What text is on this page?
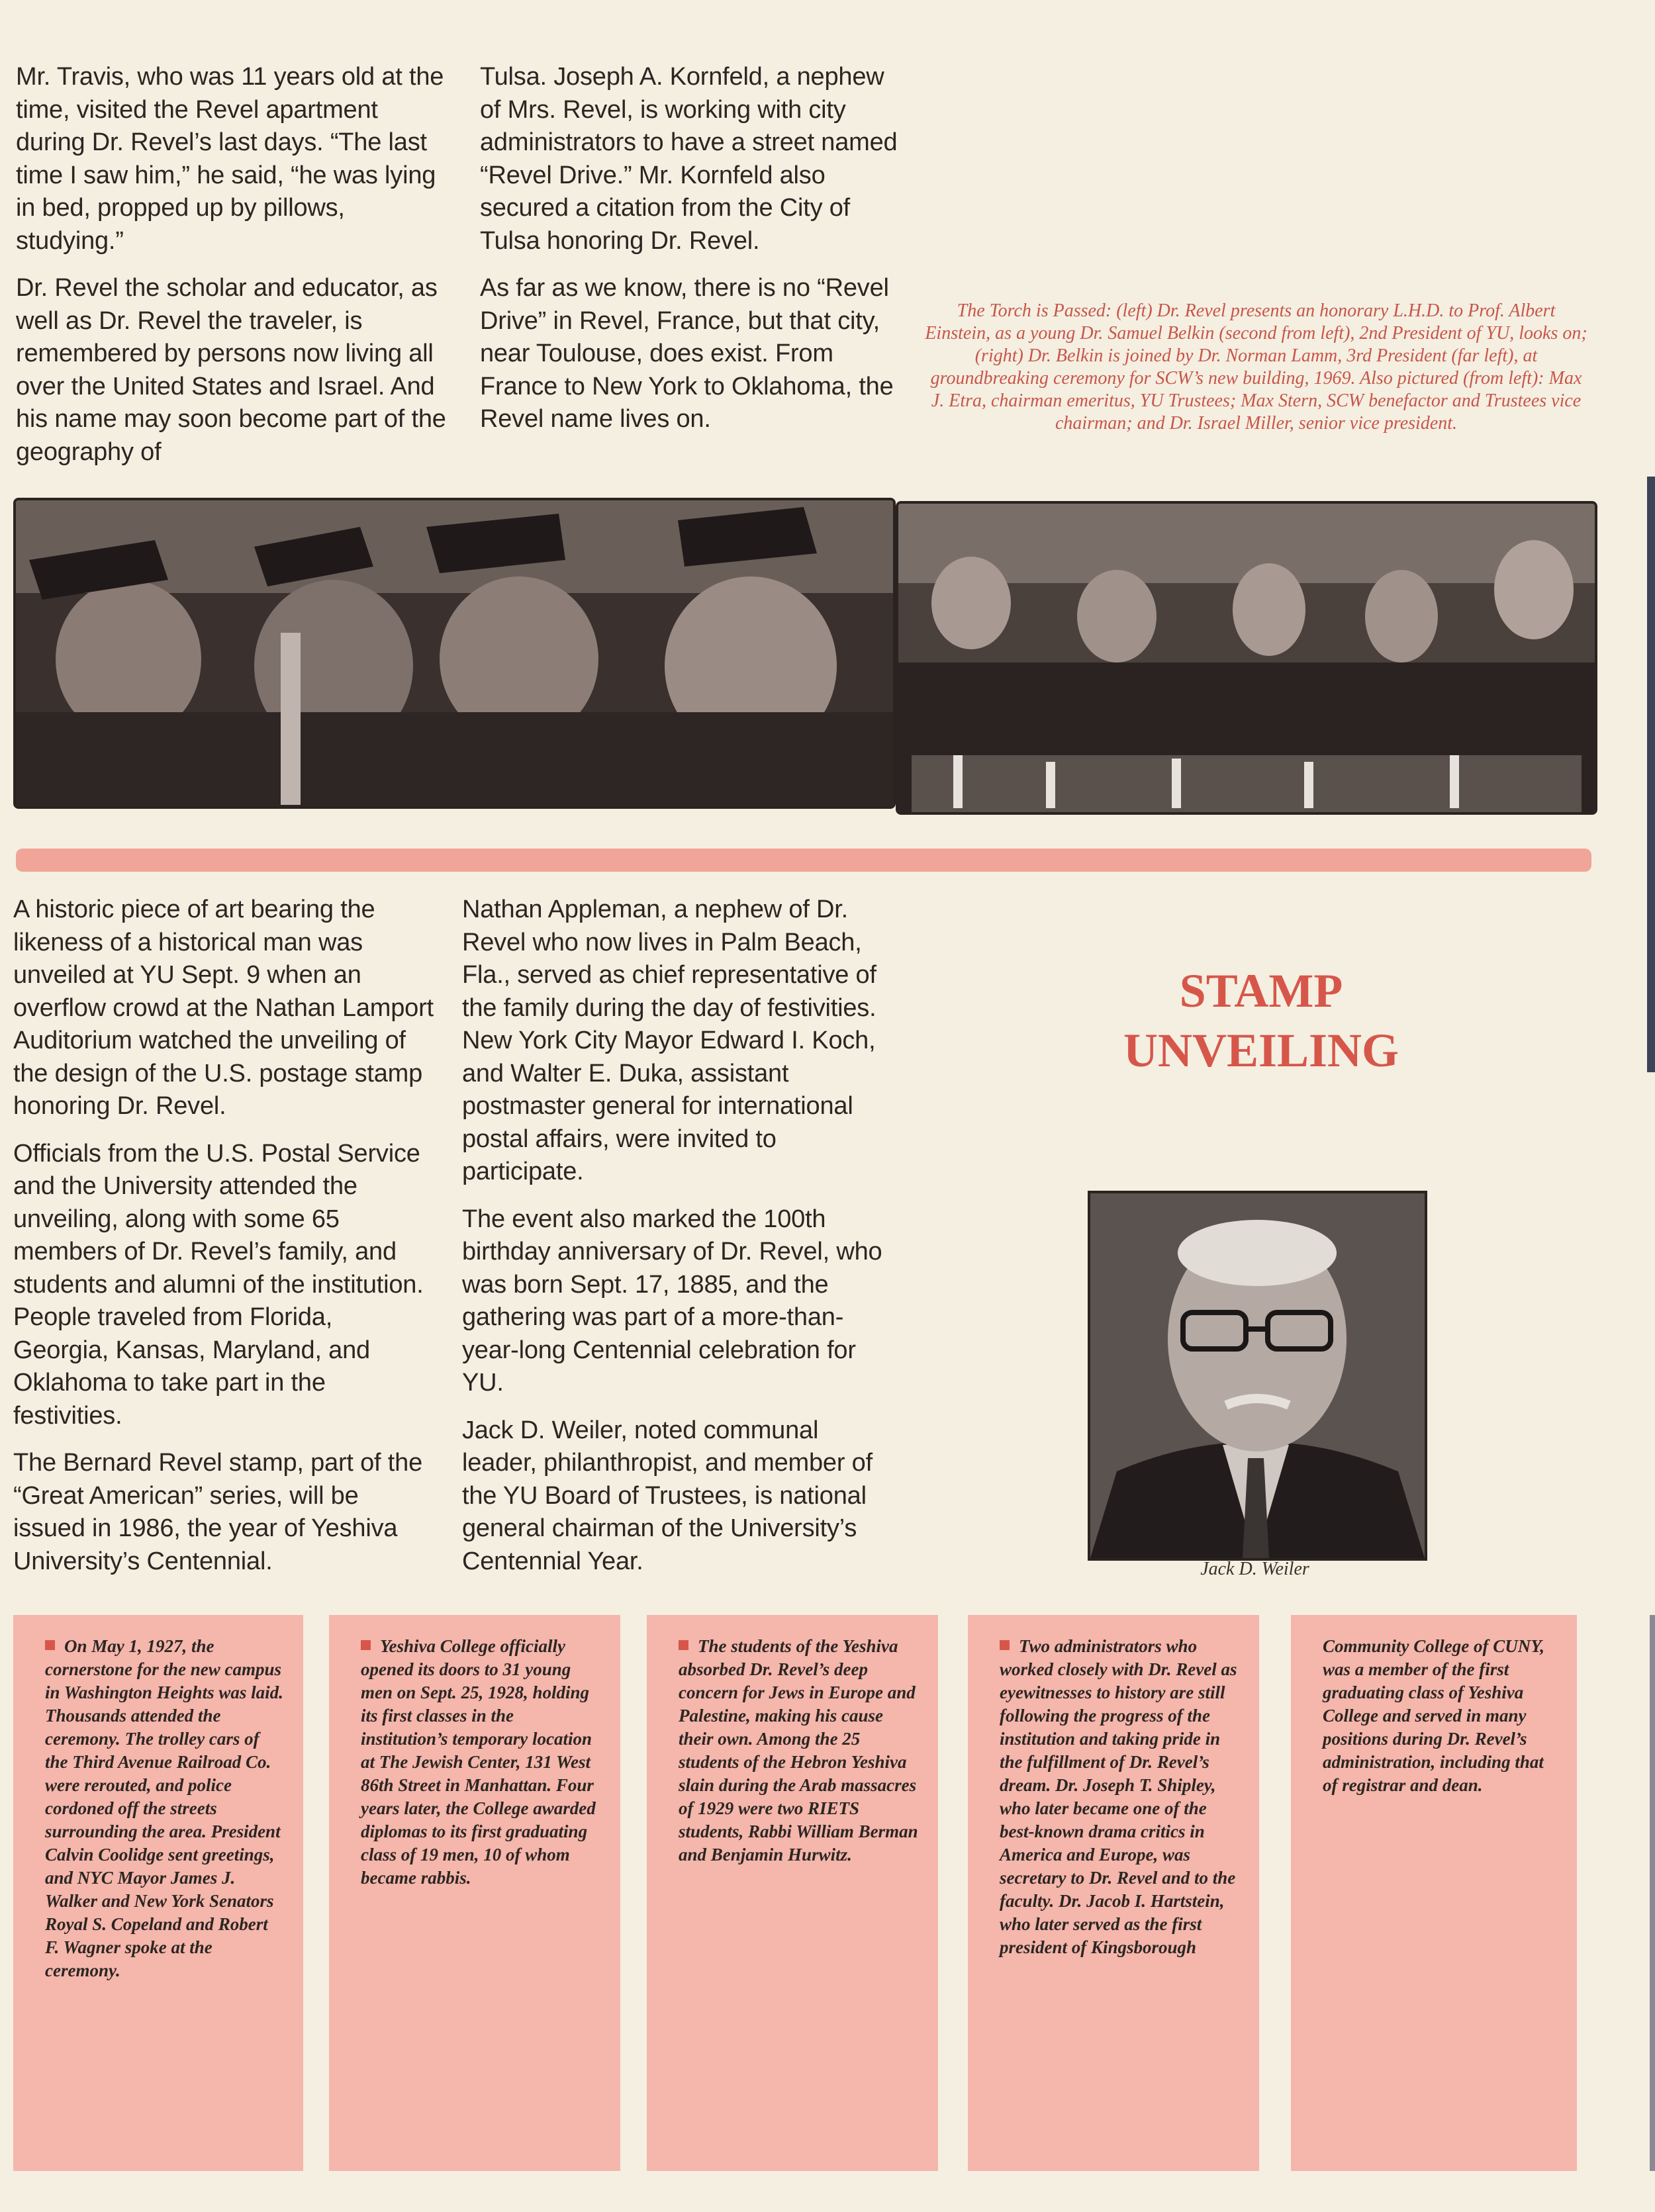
Mr. Travis, who was 11 years old at the time, visited the Revel apartment during Dr. Revel’s last days. “The last time I saw him,” he said, “he was lying in bed, propped up by pillows, studying.”

Dr. Revel the scholar and educator, as well as Dr. Revel the traveler, is remembered by persons now living all over the United States and Israel. And his name may soon become part of the geography of

Tulsa. Joseph A. Kornfeld, a nephew of Mrs. Revel, is working with city administrators to have a street named “Revel Drive.” Mr. Kornfeld also secured a citation from the City of Tulsa honoring Dr. Revel.

As far as we know, there is no “Revel Drive” in Revel, France, but that city, near Toulouse, does exist. From France to New York to Oklahoma, the Revel name lives on.

The Torch is Passed: (left) Dr. Revel presents an honorary L.H.D. to Prof. Albert Einstein, as a young Dr. Samuel Belkin (second from left), 2nd President of YU, looks on; (right) Dr. Belkin is joined by Dr. Norman Lamm, 3rd President (far left), at groundbreaking ceremony for SCW’s new building, 1969. Also pictured (from left): Max J. Etra, chairman emeritus, YU Trustees; Max Stern, SCW benefactor and Trustees vice chairman; and Dr. Israel Miller, senior vice president.

A historic piece of art bearing the likeness of a historical man was unveiled at YU Sept. 9 when an overflow crowd at the Nathan Lamport Auditorium watched the unveiling of the design of the U.S. postage stamp honoring Dr. Revel.

Officials from the U.S. Postal Service and the University attended the unveiling, along with some 65 members of Dr. Revel’s family, and students and alumni of the institution. People traveled from Florida, Georgia, Kansas, Maryland, and Oklahoma to take part in the festivities.

The Bernard Revel stamp, part of the “Great American” series, will be issued in 1986, the year of Yeshiva University’s Centennial.

Nathan Appleman, a nephew of Dr. Revel who now lives in Palm Beach, Fla., served as chief representative of the family during the day of festivities. New York City Mayor Edward I. Koch, and Walter E. Duka, assistant postmaster general for international postal affairs, were invited to participate.

The event also marked the 100th birthday anniversary of Dr. Revel, who was born Sept. 17, 1885, and the gathering was part of a more-than-year-long Centennial celebration for YU.

Jack D. Weiler, noted communal leader, philanthropist, and member of the YU Board of Trustees, is national general chairman of the University’s Centennial Year.

STAMP
UNVEILING
Jack D. Weiler
On May 1, 1927, the cornerstone for the new campus in Washington Heights was laid. Thousands attended the ceremony. The trolley cars of the Third Avenue Railroad Co. were rerouted, and police cordoned off the streets surrounding the area. President Calvin Coolidge sent greetings, and NYC Mayor James J. Walker and New York Senators Royal S. Copeland and Robert F. Wagner spoke at the ceremony.
Yeshiva College officially opened its doors to 31 young men on Sept. 25, 1928, holding its first classes in the institution’s temporary location at The Jewish Center, 131 West 86th Street in Manhattan. Four years later, the College awarded diplomas to its first graduating class of 19 men, 10 of whom became rabbis.
The students of the Yeshiva absorbed Dr. Revel’s deep concern for Jews in Europe and Palestine, making his cause their own. Among the 25 students of the Hebron Yeshiva slain during the Arab massacres of 1929 were two RIETS students, Rabbi William Berman and Benjamin Hurwitz.
Two administrators who worked closely with Dr. Revel as eyewitnesses to history are still following the progress of the institution and taking pride in the fulfillment of Dr. Revel’s dream. Dr. Joseph T. Shipley, who later became one of the best-known drama critics in America and Europe, was secretary to Dr. Revel and to the faculty. Dr. Jacob I. Hartstein, who later served as the first president of Kingsborough
Community College of CUNY, was a member of the first graduating class of Yeshiva College and served in many positions during Dr. Revel’s administration, including that of registrar and dean.
